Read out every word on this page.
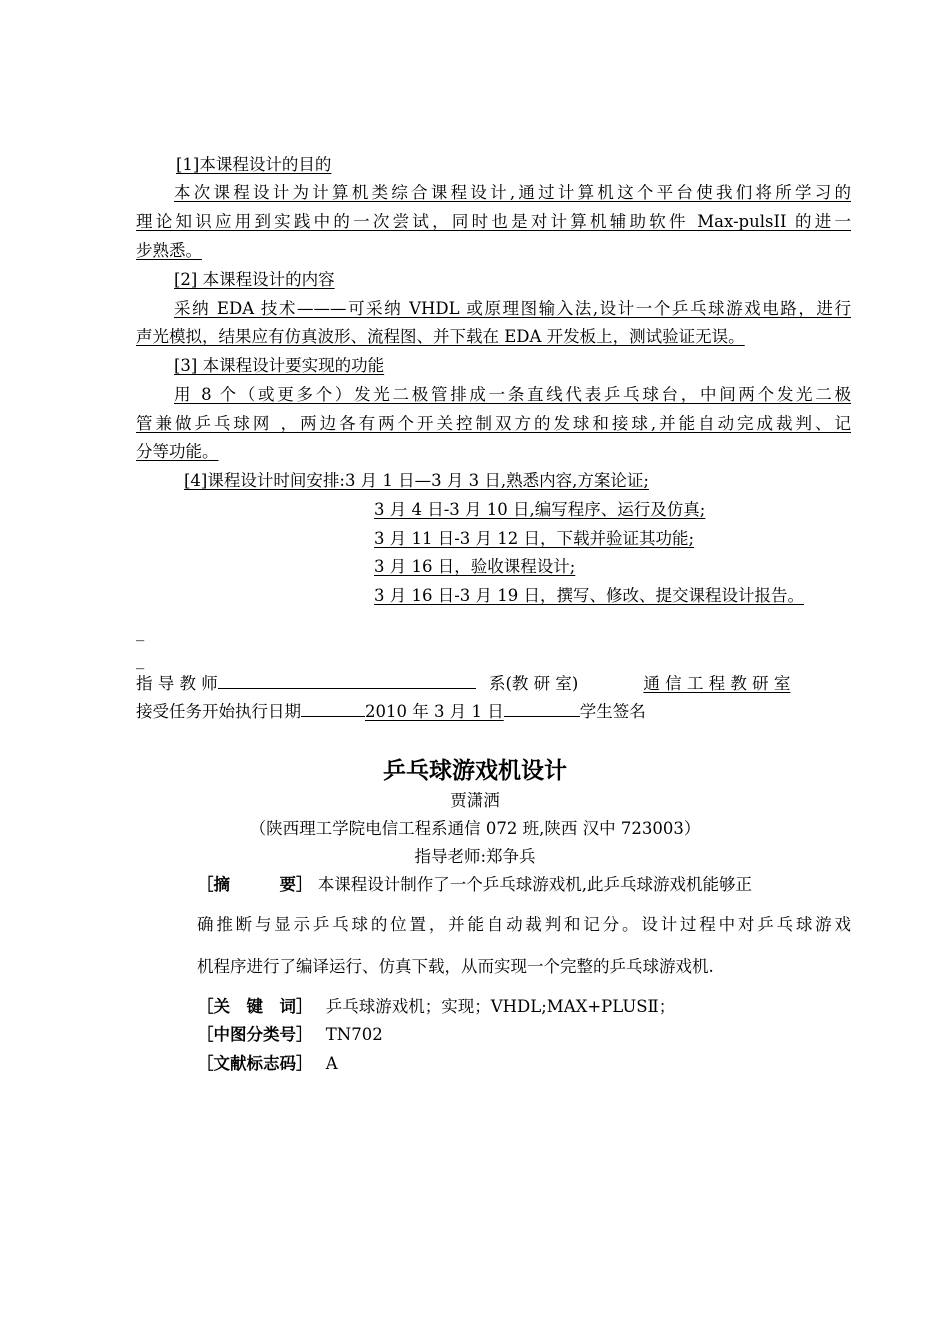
[1]本课程设计的目的
本次课程设计为计算机类综合课程设计,通过计算机这个平台使我们将所学习的
理论知识应用到实践中的一次尝试，同时也是对计算机辅助软件 Max-pulsII 的进一
步熟悉。
[2] 本课程设计的内容
采纳 EDA 技术———可采纳 VHDL 或原理图输入法,设计一个乒乓球游戏电路，进行
声光模拟，结果应有仿真波形、流程图、并下载在 EDA 开发板上，测试验证无误。
[3] 本课程设计要实现的功能
用 8 个（或更多个）发光二极管排成一条直线代表乒乓球台，中间两个发光二极
管兼做乒乓球网 ，两边各有两个开关控制双方的发球和接球,并能自动完成裁判、记
分等功能。
[4]课程设计时间安排:3 月 1 日—3 月 3 日,熟悉内容,方案论证;
3 月 4 日-3 月 10 日,编写程序、运行及仿真;
3 月 11 日-3 月 12 日，下载并验证其功能;
3 月 16 日，验收课程设计;
3 月 16 日-3 月 19 日，撰写、修改、提交课程设计报告。
_
_
指 导 教 师	系(教 研 室)	通 信 工 程 教 研 室
接受任务开始执行日期	2010 年 3 月 1 日	学生签名
乒乓球游戏机设计
贾潇洒
（陕西理工学院电信工程系通信 072 班,陕西 汉中 723003）
指导老师:郑争兵
［摘　　　要］ 本课程设计制作了一个乒乓球游戏机,此乒乓球游戏机能够正
确推断与显示乒乓球的位置，并能自动裁判和记分。设计过程中对乒乓球游戏
机程序进行了编译运行、仿真下载，从而实现一个完整的乒乓球游戏机.
［关　键　词］ 乒乓球游戏机；实现；VHDL;MAX+PLUSⅡ；
［中图分类号］ TN702
［文献标志码］ A
